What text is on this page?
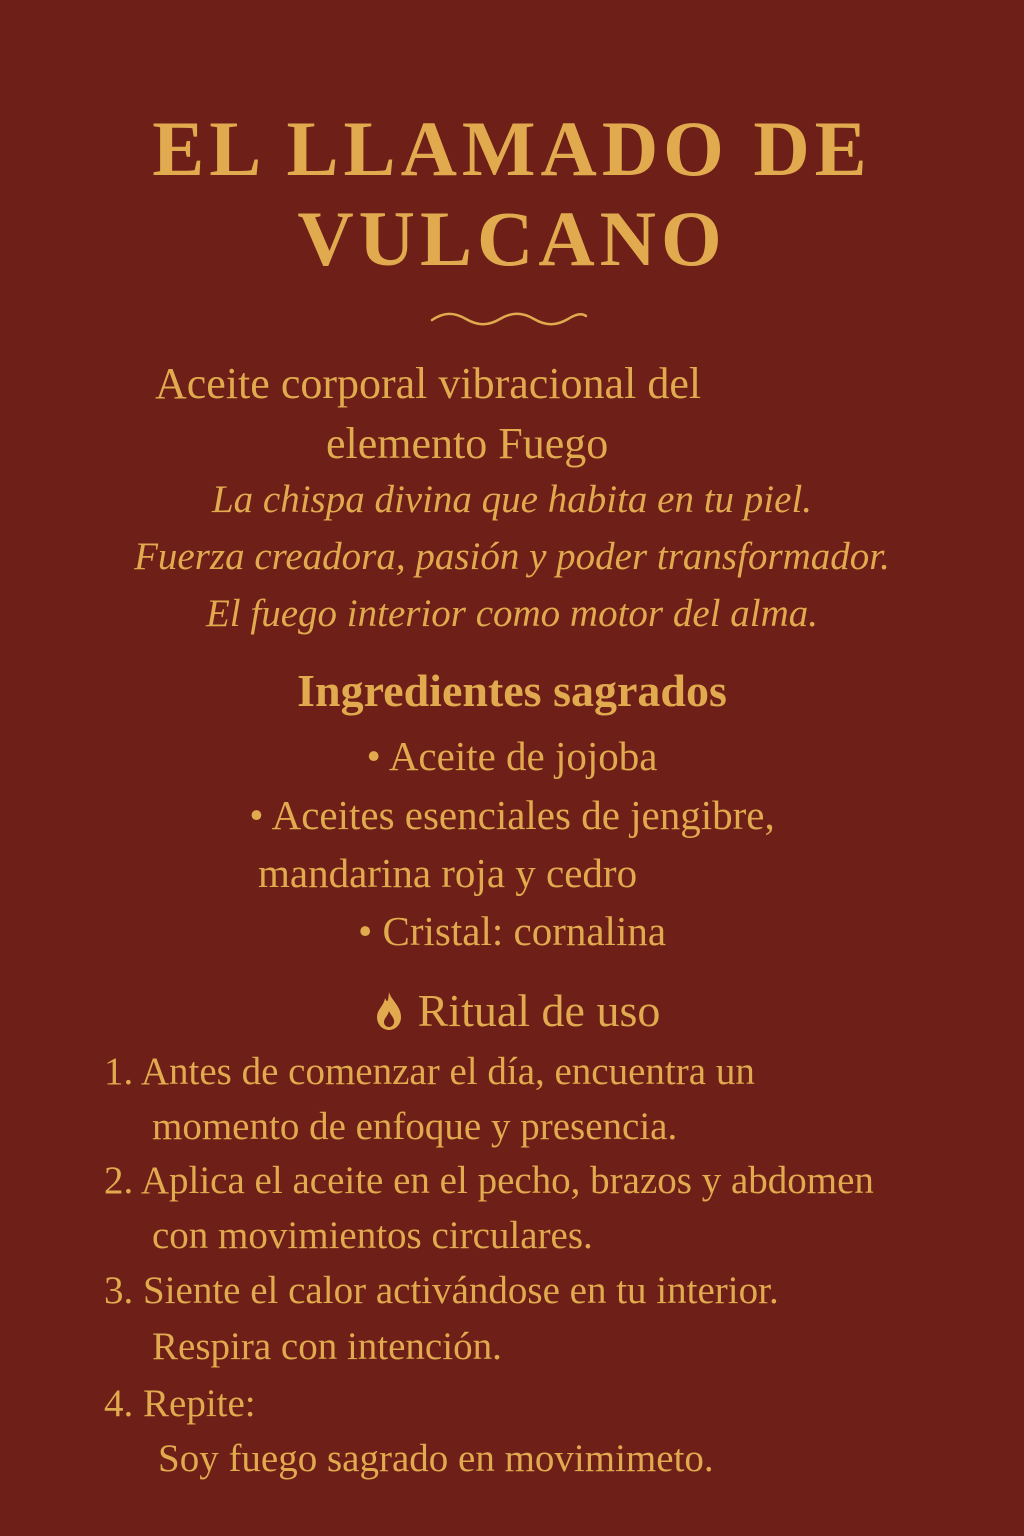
EL LLAMADO DE
VULCANO

Aceite corporal vibracional del

elemento Fuego

La chispa divina que habita en tu piel.

Fuerza creadora, pasión y poder transformador.

El fuego interior como motor del alma.

Ingredientes sagrados

• Aceite de jojoba

• Aceites esenciales de jengibre,

mandarina roja y cedro

• Cristal: cornalina

Ritual de uso

1. Antes de comenzar el día, encuentra un

momento de enfoque y presencia.

2. Aplica el aceite en el pecho, brazos y abdomen

con movimientos circulares.

3. Siente el calor activándose en tu interior.

Respira con intención.

4. Repite:

Soy fuego sagrado en movimimeto.
